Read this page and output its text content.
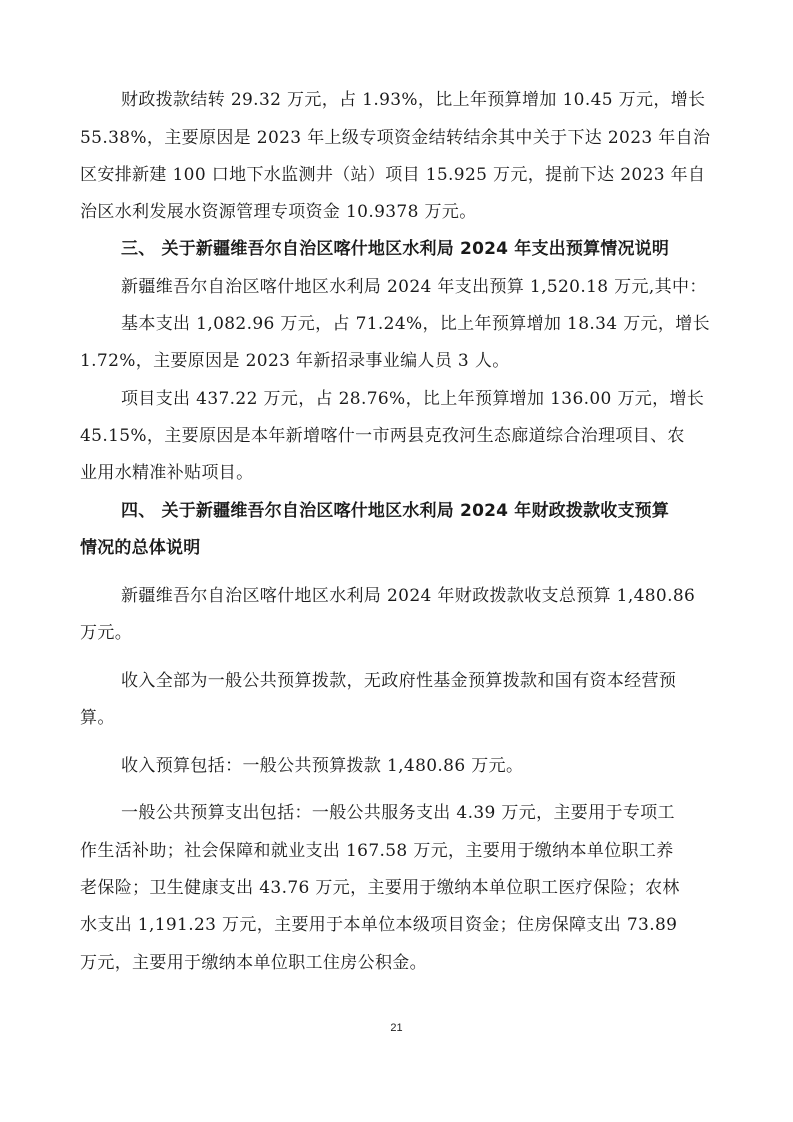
财政拨款结转 29.32 万元，占 1.93%，比上年预算增加 10.45 万元，增长
55.38%，主要原因是 2023 年上级专项资金结转结余其中关于下达 2023 年自治
区安排新建 100 口地下水监测井（站）项目 15.925 万元，提前下达 2023 年自
治区水利发展水资源管理专项资金 10.9378 万元。
三、 关于新疆维吾尔自治区喀什地区水利局 2024 年支出预算情况说明
新疆维吾尔自治区喀什地区水利局 2024 年支出预算 1,520.18 万元,其中：
基本支出 1,082.96 万元，占 71.24%，比上年预算增加 18.34 万元，增长
1.72%，主要原因是 2023 年新招录事业编人员 3 人。
项目支出 437.22 万元，占 28.76%，比上年预算增加 136.00 万元，增长
45.15%，主要原因是本年新增喀什一市两县克孜河生态廊道综合治理项目、农
业用水精准补贴项目。
四、 关于新疆维吾尔自治区喀什地区水利局 2024 年财政拨款收支预算
情况的总体说明
新疆维吾尔自治区喀什地区水利局 2024 年财政拨款收支总预算 1,480.86
万元。
收入全部为一般公共预算拨款，无政府性基金预算拨款和国有资本经营预
算。
收入预算包括：一般公共预算拨款 1,480.86 万元。
一般公共预算支出包括：一般公共服务支出 4.39 万元，主要用于专项工
作生活补助；社会保障和就业支出 167.58 万元，主要用于缴纳本单位职工养
老保险；卫生健康支出 43.76 万元，主要用于缴纳本单位职工医疗保险；农林
水支出 1,191.23 万元，主要用于本单位本级项目资金；住房保障支出 73.89
万元，主要用于缴纳本单位职工住房公积金。
21
